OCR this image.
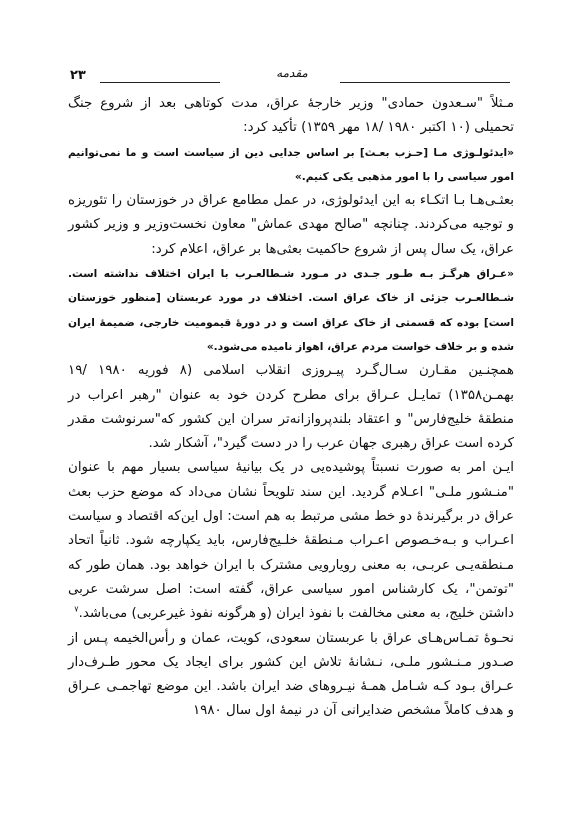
۲۳	مقدمه

مـثلاً "سـعدون حمادی" وزیر خارجهٔ عراق، مدت کوتاهی بعد از شروع جنگ تحمیلی (۱۰ اکتبر ۱۹۸۰ /۱۸ مهر ۱۳۵۹) تأکید کرد:

«ایدئولـوژی مـا [حـزب بعـث] بر اساس جدایی دین از سیاست است و ما نمی‌توانیم امور سیاسی را با امور مذهبی یکی کنیم.»

بعثـی‌هـا بـا اتکـاء به این ایدئولوژی، در عمل مطامع عراق در خوزستان را تئوریزه و توجیه می‌کردند. چنانچه "صالح مهدی عماش" معاون نخست‌وزیر و وزیر کشور عراق، یک سال پس از شروع حاکمیت بعثی‌ها بر عراق، اعلام کرد:

«عـراق هرگـز بـه طـور جـدی در مـورد شـطالعـرب با ایران اختلاف نداشته است. شـطالعـرب جزئی از خاک عراق است. اختلاف در مورد عربستان [منظور خوزستان است] بوده که قسمتی از خاک عراق است و در دورهٔ قیمومیت خارجی، ضمیمهٔ ایران شده و بر خلاف خواست مردم عراق، اهواز نامیده می‌شود.»

همچنـین مقـارن سـال‌گـرد پیـروزی انقلاب اسلامی (۸ فوریه ۱۹۸۰ /۱۹ بهمـن۱۳۵۸) تمایـل عـراق برای مطرح کردن خود به عنوان "رهبر اعراب در منطقهٔ خلیج‌فارس" و اعتقاد بلندپروازانه‌تر سران این کشور که"سرنوشت مقدر کرده است عراق رهبری جهان عرب را در دست گیرد"، آشکار شد.

ایـن امر به صورت نسبتاً پوشیده‌یی در یک بیانیهٔ سیاسی بسیار مهم با عنوان "منـشور ملـی" اعـلام گردید. این سند تلویحاً نشان می‌داد که موضع حزب بعث عراق در برگیرندهٔ دو خط مشی مرتبط به هم است: اول این‌که اقتصاد و سیاست اعـراب و بـه‌خـصوص اعـراب مـنطقهٔ خلـیج‌فارس، باید یکپارچه شود. ثانیاً اتحاد مـنطقه‌یـی عربـی، به معنی رویارویی مشترک با ایران خواهد بود. همان طور که "توتمن"، یک کارشناس امور سیاسی عراق، گفته است: اصل سرشت عربی داشتن خلیج، به معنی مخالفت با نفوذ ایران (و هرگونه نفوذ غیرعربی) می‌باشد.$^۷$

نحـوهٔ تمـاس‌هـای عراق با عربستان سعودی، کویت، عمان و رأس‌الخیمه پـس از صـدور مـنـشور ملـی، نـشانهٔ تلاش این کشور برای ایجاد یک محور طـرف‌دار عـراق بـود کـه شـامل همـهٔ نیـروهای ضد ایران باشد. این موضع تهاجمـی عـراق و هدف کاملاً مشخص ضدایرانی آن در نیمهٔ اول سال ۱۹۸۰
